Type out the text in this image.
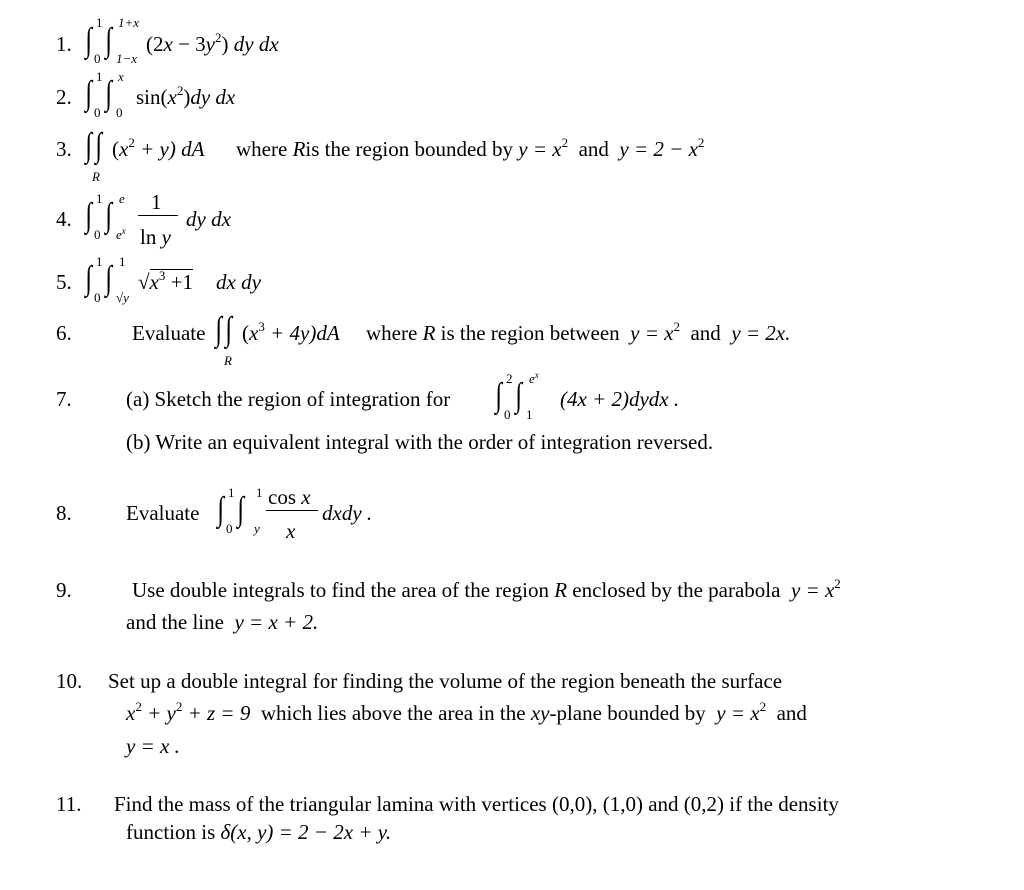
1. ∫ 1
0 ∫ 1+x
1−x
$(2x - 3y^2)$ dy dx
2. ∫ 1
0
∫ x
0
$\sin(x^2)dy$ dx
3. ∫ ∫
R
$(x^2 + y)$ dA where Ris the region bounded by $y = x^2$ and $y = 2 - x^2$
4. ∫ 1
0
∫ e
$e^x$
1
ln y
dy dx
5. ∫ 1
0
∫ 1
√y
$√x^3 +1$ dx dy
6.	Evaluate ∫ ∫
R
$(x^3 + 4y)dA$ where R is the region between $y = x^2$ and y = 2x.
7.	(a) Sketch the region of integration for ∫ 2
0
∫ $e^x$
1
(4x + 2)dydx .
(b) Write an equivalent integral with the order of integration reversed.
8.	Evaluate ∫ 1
0
∫ 1
y
cos x
x
dxdy .
9.	Use double integrals to find the area of the region R enclosed by the parabola $y = x^2$
and the line y = x + 2.
10. Set up a double integral for finding the volume of the region beneath the surface
$x^2 + y^2 + z = 9$ which lies above the area in the xy-plane bounded by $y = x^2$ and
y = x .
11. Find the mass of the triangular lamina with vertices (0,0), (1,0) and (0,2) if the density
function is δ(x, y) = 2 − 2x + y.
